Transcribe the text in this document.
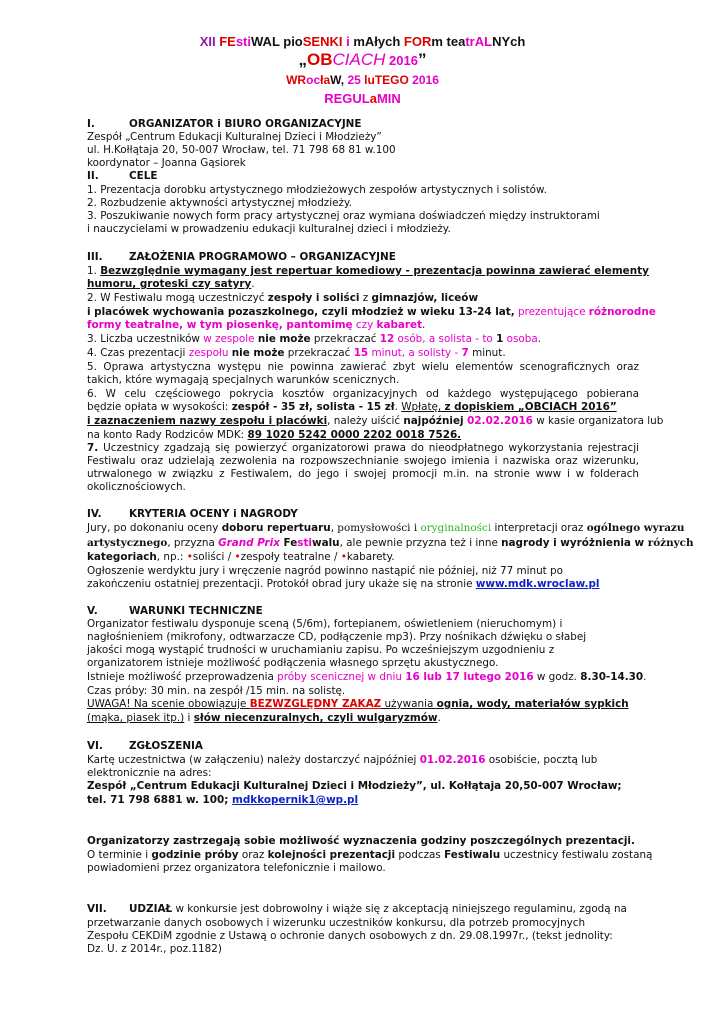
XII FEstiWAL pioSENKI i mAłych FORm teatrALNYch
„OBCIACH 2016”
WRocłaW, 25 luTEGO 2016
REGULaMIN
I.	ORGANIZATOR i BIURO ORGANIZACYJNE
Zespół „Centrum Edukacji Kulturalnej Dzieci i Młodzieży”
ul. H.Kołłątaja 20, 50-007 Wrocław, tel. 71 798 68 81 w.100
koordynator – Joanna Gąsiorek
II.	CELE
1. Prezentacja dorobku artystycznego młodzieżowych zespołów artystycznych i solistów.
2. Rozbudzenie aktywności artystycznej młodzieży.
3. Poszukiwanie nowych form pracy artystycznej oraz wymiana doświadczeń między instruktorami
i nauczycielami w prowadzeniu edukacji kulturalnej dzieci i młodzieży.
III.	ZAŁOŻENIA PROGRAMOWO – ORGANIZACYJNE
1. Bezwzględnie wymagany jest repertuar komediowy - prezentacja powinna zawierać elementy
humoru, groteski czy satyry.
2. W Festiwalu mogą uczestniczyć zespoły i soliści z gimnazjów, liceów
i placówek wychowania pozaszkolnego, czyli młodzież w wieku 13-24 lat, prezentujące różnorodne
formy teatralne, w tym piosenkę, pantomimę czy kabaret.
3. Liczba uczestników w zespole nie może przekraczać 12 osób, a solista - to 1 osoba.
4. Czas prezentacji zespołu nie może przekraczać 15 minut, a solisty - 7 minut.
5. Oprawa artystyczna występu nie powinna zawierać zbyt wielu elementów scenograficznych oraz
takich, które wymagają specjalnych warunków scenicznych.
6. W celu częściowego pokrycia kosztów organizacyjnych od każdego występującego pobierana
będzie opłata w wysokości: zespół - 35 zł, solista - 15 zł. Wpłatę, z dopiskiem „OBCIACH 2016”
i zaznaczeniem nazwy zespołu i placówki, należy uiścić najpóźniej 02.02.2016 w kasie organizatora lub
na konto Rady Rodziców MDK: 89 1020 5242 0000 2202 0018 7526.
7. Uczestnicy zgadzają się powierzyć organizatorowi prawa do nieodpłatnego wykorzystania rejestracji
Festiwalu oraz udzielają zezwolenia na rozpowszechnianie swojego imienia i nazwiska oraz wizerunku,
utrwalonego w związku z Festiwalem, do jego i swojej promocji m.in. na stronie www i w folderach
okolicznościowych.
IV.	KRYTERIA OCENY i NAGRODY
Jury, po dokonaniu oceny doboru repertuaru, pomysłowości i oryginalności interpretacji oraz ogólnego wyrazu
artystycznego, przyzna Grand Prix Festiwalu, ale pewnie przyzna też i inne nagrody i wyróżnienia w różnych
kategoriach, np.: •soliści / •zespoły teatralne / •kabarety.
Ogłoszenie werdyktu jury i wręczenie nagród powinno nastąpić nie później, niż 77 minut po
zakończeniu ostatniej prezentacji. Protokół obrad jury ukaże się na stronie www.mdk.wroclaw.pl
V.	WARUNKI TECHNICZNE
Organizator festiwalu dysponuje sceną (5/6m), fortepianem, oświetleniem (nieruchomym) i
nagłośnieniem (mikrofony, odtwarzacze CD, podłączenie mp3). Przy nośnikach dźwięku o słabej
jakości mogą wystąpić trudności w uruchamianiu zapisu. Po wcześniejszym uzgodnieniu z
organizatorem istnieje możliwość podłączenia własnego sprzętu akustycznego.
Istnieje możliwość przeprowadzenia próby scenicznej w dniu 16 lub 17 lutego 2016 w godz. 8.30-14.30.
Czas próby: 30 min. na zespół /15 min. na solistę.
UWAGA! Na scenie obowiązuje BEZWZGLĘDNY ZAKAZ używania ognia, wody, materiałów sypkich
(mąka, piasek itp.) i słów niecenzuralnych, czyli wulgaryzmów.
VI.	ZGŁOSZENIA
Kartę uczestnictwa (w załączeniu) należy dostarczyć najpóźniej 01.02.2016 osobiście, pocztą lub
elektronicznie na adres:
Zespół „Centrum Edukacji Kulturalnej Dzieci i Młodzieży”, ul. Kołłątaja 20,50-007 Wrocław;
tel. 71 798 6881 w. 100; mdkkopernik1@wp.pl
Organizatorzy zastrzegają sobie możliwość wyznaczenia godziny poszczególnych prezentacji.
O terminie i godzinie próby oraz kolejności prezentacji podczas Festiwalu uczestnicy festiwalu zostaną
powiadomieni przez organizatora telefonicznie i mailowo.
VII. UDZIAŁ w konkursie jest dobrowolny i wiąże się z akceptacją niniejszego regulaminu, zgodą na
przetwarzanie danych osobowych i wizerunku uczestników konkursu, dla potrzeb promocyjnych
Zespołu CEKDiM zgodnie z Ustawą o ochronie danych osobowych z dn. 29.08.1997r., (tekst jednolity:
Dz. U. z 2014r., poz.1182)
